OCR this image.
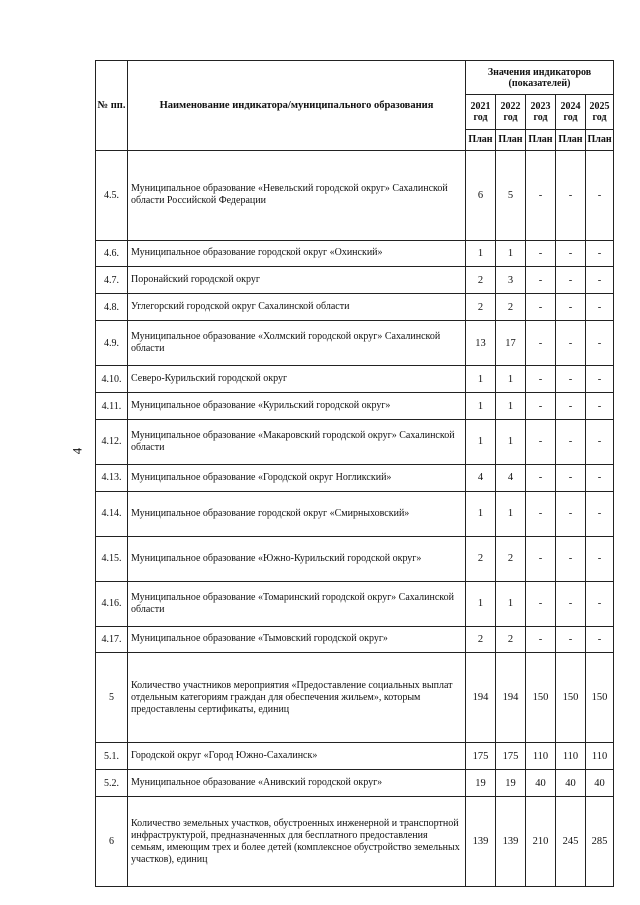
4
№ пп.	Наименование индикатора/муниципального образования	Значения индикаторов (показателей)				
		2021 год	2022 год	2023 год	2024 год	2025 год
		План	План	План	План	План
4.5.	Муниципальное образование «Невельский городской округ» Сахалинской области Российской Федерации	6	5	-	-	-
4.6.	Муниципальное образование городской округ «Охинский»	1	1	-	-	-
4.7.	Поронайский городской округ	2	3	-	-	-
4.8.	Углегорский городской округ Сахалинской области	2	2	-	-	-
4.9.	Муниципальное образование «Холмский городской округ» Сахалинской области	13	17	-	-	-
4.10.	Северо-Курильский городской округ	1	1	-	-	-
4.11.	Муниципальное образование «Курильский городской округ»	1	1	-	-	-
4.12.	Муниципальное образование «Макаровский городской округ» Сахалинской области	1	1	-	-	-
4.13.	Муниципальное образование «Городской округ Ногликский»	4	4	-	-	-
4.14.	Муниципальное образование городской округ «Смирныховский»	1	1	-	-	-
4.15.	Муниципальное образование «Южно-Курильский городской округ»	2	2	-	-	-
4.16.	Муниципальное образование «Томаринский городской округ» Сахалинской области	1	1	-	-	-
4.17.	Муниципальное образование «Тымовский городской округ»	2	2	-	-	-
5	Количество участников мероприятия «Предоставление социальных выплат отдельным категориям граждан для обеспечения жильем», которым предоставлены сертификаты, единиц	194	194	150	150	150
5.1.	Городской округ «Город Южно-Сахалинск»	175	175	110	110	110
5.2.	Муниципальное образование «Анивский городской округ»	19	19	40	40	40
6	Количество земельных участков, обустроенных инженерной и транспортной инфраструктурой, предназначенных для бесплатного предоставления семьям, имеющим трех и более детей (комплексное обустройство земельных участков), единиц	139	139	210	245	285
